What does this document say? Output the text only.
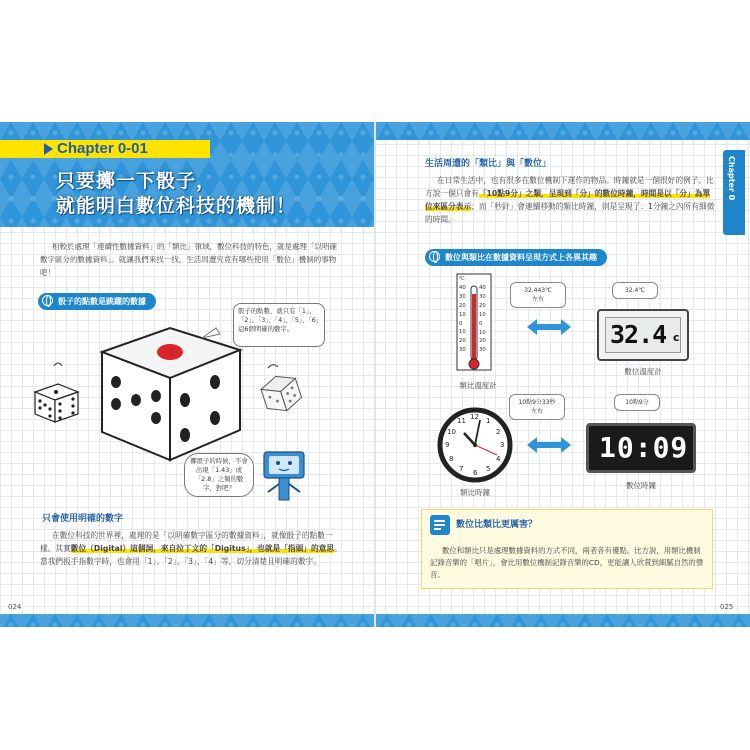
Chapter 0-01
只要擲一下骰子，
就能明白數位科技的機制！
相較於處理「連續性數據資料」的「類比」領域，數位科技的特色，就是處理「以明確數字區分的數據資料」。就讓我們來找一找，生活周遭究竟有哪些使用「數位」機制的事物吧！
骰子的點數是跳躍的數據
骰子的點數，就只有「1」、「2」、「3」、「4」、「5」、「6」這6個明確的數字。
擲骰子的時候，不會出現「1.43」或「2.8」之類的數字，對吧？
只會使用明確的數字
在數位科技的世界裡，處理的是「以明確數字區分的數據資料」，就像骰子的點數一樣。其實數位（Digital）這個詞，來自拉丁文的「Digitus」，也就是「指頭」的意思。當我們扳手指數字時，也會用「1」、「2」、「3」、「4」等，切分清楚且明確的數字。
024
Chapter 0
生活周遭的「類比」與「數位」
在日常生活中，也有很多在數位機制下運作的物品。時鐘就是一個很好的例子。比方說一個只會有「10點9分」之類，呈現到「分」的數位時鐘，時間是以「分」為單位來區分表示；而「秒針」會連續移動的類比時鐘，則是呈現了：1分鐘之內所有細微的時間。
數位與類比在數據資料呈現方式上各異其趣
℃
40
30
20
10
0
10
20
30
40
30
20
10
0
10
20
30
32.443℃
左右
類比溫度計
32.4℃
32.4 c
數位溫度計
10點9分33秒
左右
12 1
2
3
4
5
6
7
8
9
10
11
類比時鐘
10點9分
10:09
數位時鐘
數位比類比更厲害？
數位和類比只是處理數據資料的方式不同，兩者各有優點。比方說，用類比機制記錄音樂的「唱片」，會比用數位機制記錄音樂的CD，更能讓人欣賞到細膩自然的聲音。
025
